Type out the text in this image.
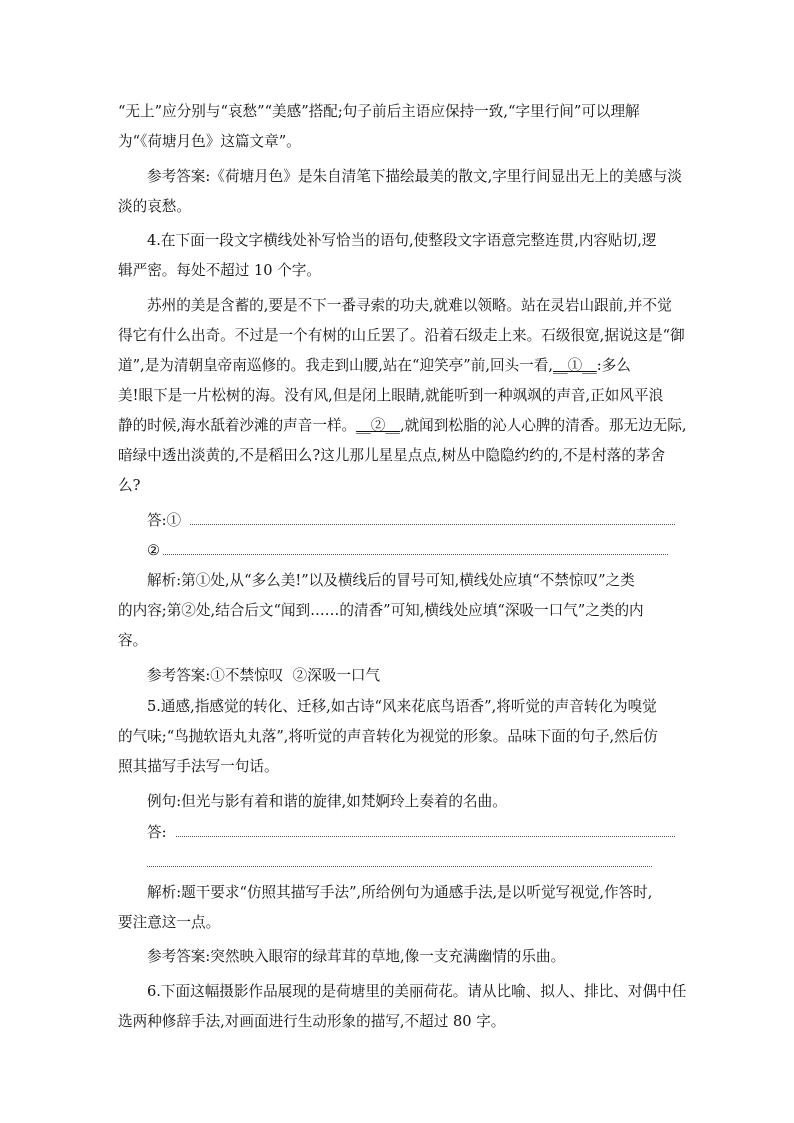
“无上”应分别与“哀愁”“美感”搭配;句子前后主语应保持一致,“字里行间”可以理解

为“《荷塘月色》这篇文章”。

参考答案:《荷塘月色》是朱自清笔下描绘最美的散文,字里行间显出无上的美感与淡

淡的哀愁。

4.在下面一段文字横线处补写恰当的语句,使整段文字语意完整连贯,内容贴切,逻

辑严密。每处不超过 10 个字。

苏州的美是含蓄的,要是不下一番寻索的功夫,就难以领略。站在灵岩山跟前,并不觉

得它有什么出奇。不过是一个有树的山丘罢了。沿着石级走上来。石级很宽,据说这是“御

道”,是为清朝皇帝南巡修的。我走到山腰,站在“迎笑亭”前,回头一看,__①__:多么

美!眼下是一片松树的海。没有风,但是闭上眼睛,就能听到一种飒飒的声音,正如风平浪

静的时候,海水舐着沙滩的声音一样。__②__,就闻到松脂的沁人心脾的清香。那无边无际,

暗绿中透出淡黄的,不是稻田么?这儿那儿星星点点,树丛中隐隐约约的,不是村落的茅舍

么?

答:①

②

解析:第①处,从“多么美!”以及横线后的冒号可知,横线处应填“不禁惊叹”之类

的内容;第②处,结合后文“闻到……的清香”可知,横线处应填“深吸一口气”之类的内

容。

参考答案:①不禁惊叹  ②深吸一口气

5.通感,指感觉的转化、迁移,如古诗“风来花底鸟语香”,将听觉的声音转化为嗅觉

的气味;“鸟抛软语丸丸落”,将听觉的声音转化为视觉的形象。品味下面的句子,然后仿

照其描写手法写一句话。

例句:但光与影有着和谐的旋律,如梵婀玲上奏着的名曲。

答:

解析:题干要求“仿照其描写手法”,所给例句为通感手法,是以听觉写视觉,作答时,

要注意这一点。

参考答案:突然映入眼帘的绿茸茸的草地,像一支充满幽情的乐曲。

6.下面这幅摄影作品展现的是荷塘里的美丽荷花。请从比喻、拟人、排比、对偶中任

选两种修辞手法,对画面进行生动形象的描写,不超过 80 字。
